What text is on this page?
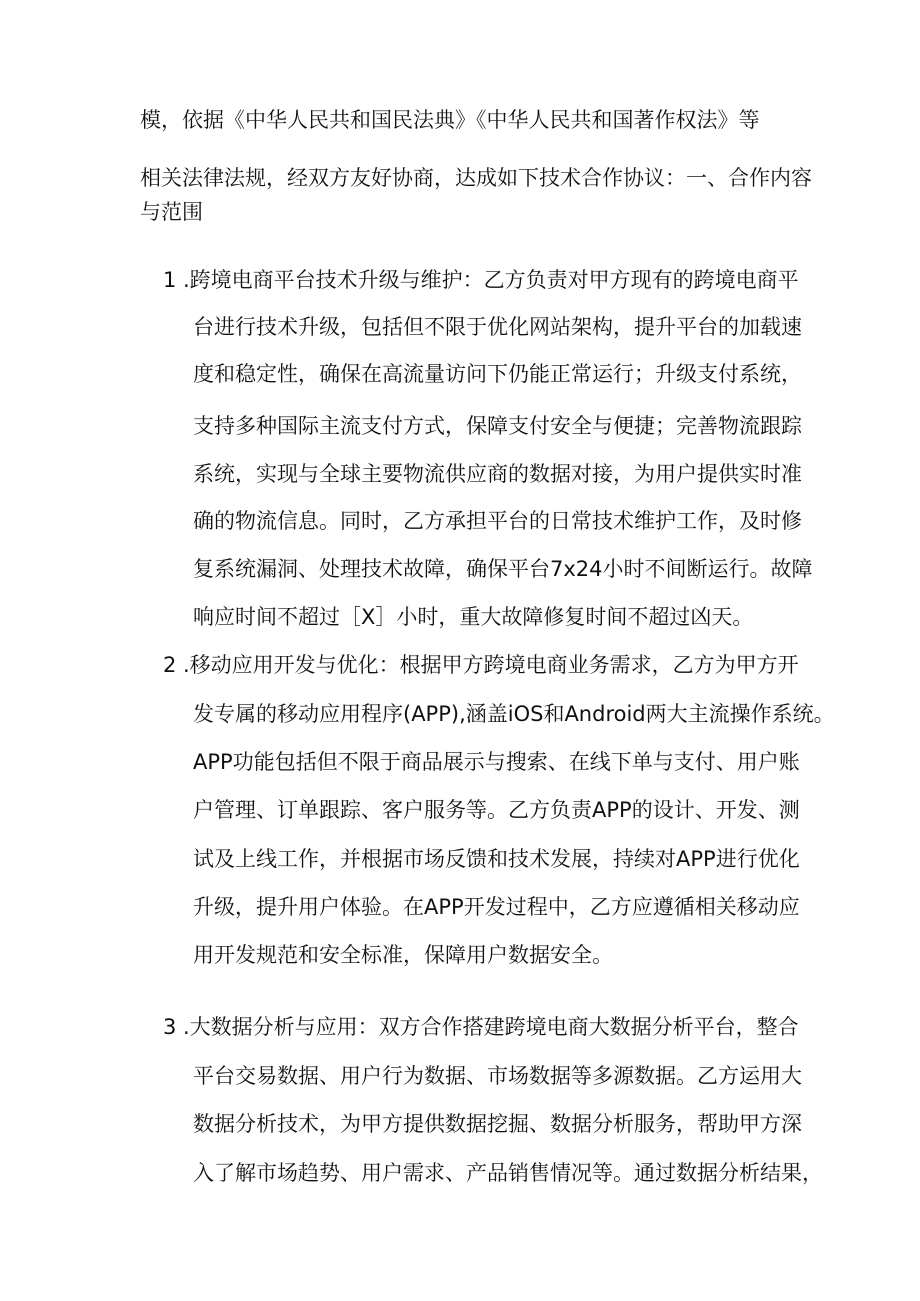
模，依据《中华人民共和国民法典》《中华人民共和国著作权法》等
相关法律法规，经双方友好协商，达成如下技术合作协议：一、合作内容
与范围
1 .跨境电商平台技术升级与维护：乙方负责对甲方现有的跨境电商平
台进行技术升级，包括但不限于优化网站架构，提升平台的加载速
度和稳定性，确保在高流量访问下仍能正常运行；升级支付系统，
支持多种国际主流支付方式，保障支付安全与便捷；完善物流跟踪
系统，实现与全球主要物流供应商的数据对接，为用户提供实时准
确的物流信息。同时，乙方承担平台的日常技术维护工作，及时修
复系统漏洞、处理技术故障，确保平台7x24小时不间断运行。故障
响应时间不超过［X］小时，重大故障修复时间不超过凶天。
2 .移动应用开发与优化：根据甲方跨境电商业务需求，乙方为甲方开
发专属的移动应用程序(APP),涵盖iOS和Android两大主流操作系统。
APP功能包括但不限于商品展示与搜索、在线下单与支付、用户账
户管理、订单跟踪、客户服务等。乙方负责APP的设计、开发、测
试及上线工作，并根据市场反馈和技术发展，持续对APP进行优化
升级，提升用户体验。在APP开发过程中，乙方应遵循相关移动应
用开发规范和安全标准，保障用户数据安全。
3 .大数据分析与应用：双方合作搭建跨境电商大数据分析平台，整合
平台交易数据、用户行为数据、市场数据等多源数据。乙方运用大
数据分析技术，为甲方提供数据挖掘、数据分析服务，帮助甲方深
入了解市场趋势、用户需求、产品销售情况等。通过数据分析结果，
